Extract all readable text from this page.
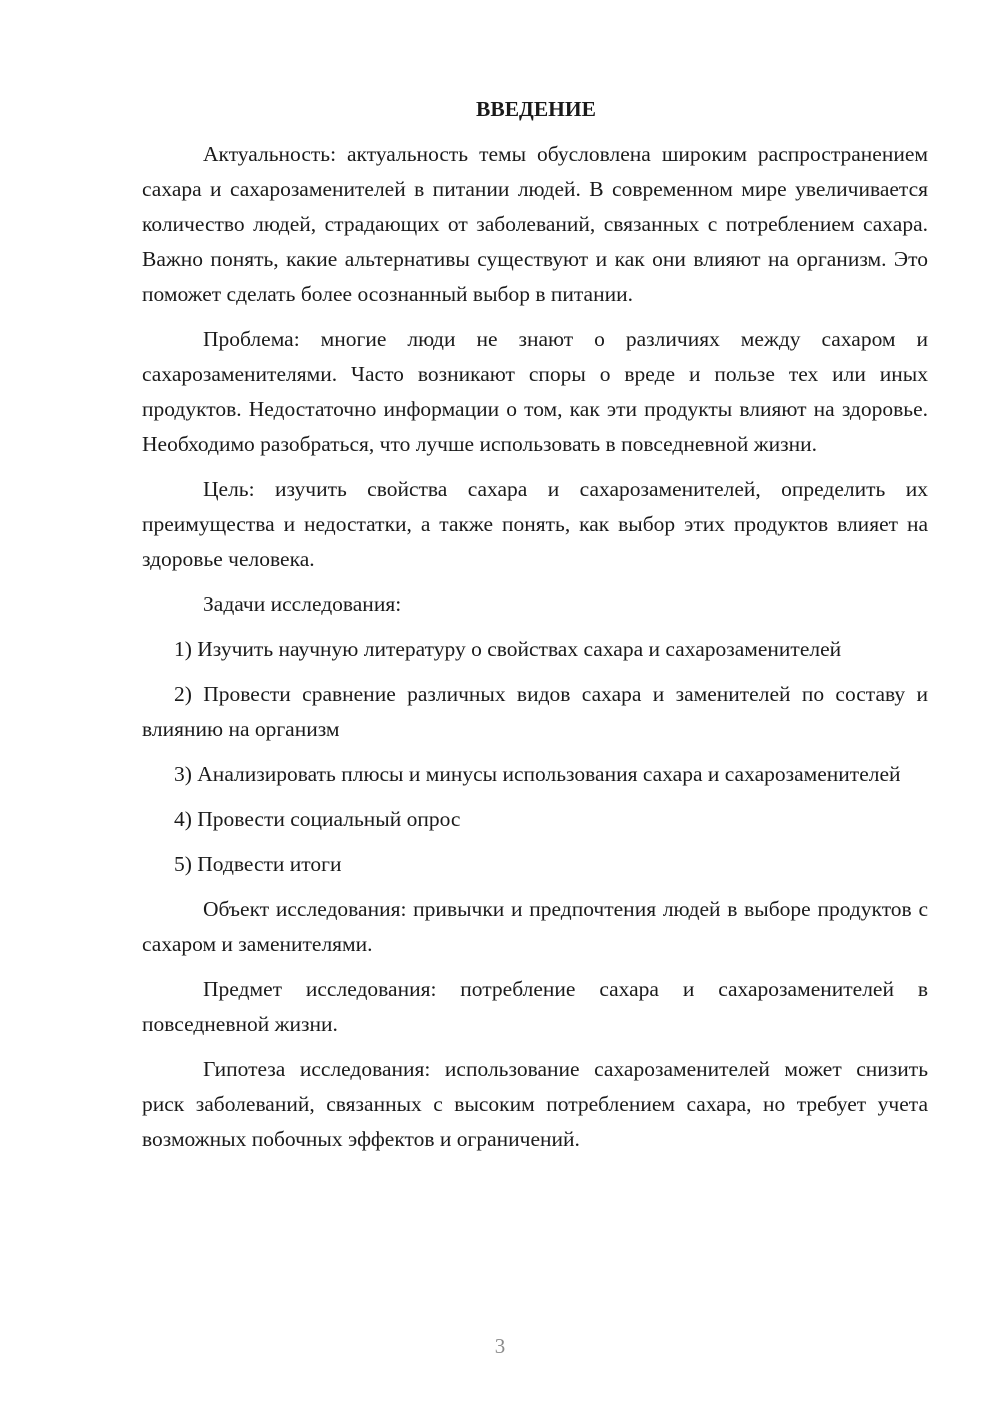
ВВЕДЕНИЕ

Актуальность: актуальность темы обусловлена широким распространением сахара и сахарозаменителей в питании людей. В современном мире увеличивается количество людей, страдающих от заболеваний, связанных с потреблением сахара. Важно понять, какие альтернативы существуют и как они влияют на организм. Это поможет сделать более осознанный выбор в питании.

Проблема: многие люди не знают о различиях между сахаром и сахарозаменителями. Часто возникают споры о вреде и пользе тех или иных продуктов. Недостаточно информации о том, как эти продукты влияют на здоровье. Необходимо разобраться, что лучше использовать в повседневной жизни.

Цель: изучить свойства сахара и сахарозаменителей, определить их преимущества и недостатки, а также понять, как выбор этих продуктов влияет на здоровье человека.

Задачи исследования:

1) Изучить научную литературу о свойствах сахара и сахарозаменителей

2) Провести сравнение различных видов сахара и заменителей по составу и влиянию на организм

3) Анализировать плюсы и минусы использования сахара и сахарозаменителей

4) Провести социальный опрос

5) Подвести итоги

Объект исследования: привычки и предпочтения людей в выборе продуктов с сахаром и заменителями.

Предмет исследования: потребление сахара и сахарозаменителей в повседневной жизни.

Гипотеза исследования: использование сахарозаменителей может снизить риск заболеваний, связанных с высоким потреблением сахара, но требует учета возможных побочных эффектов и ограничений.

3
